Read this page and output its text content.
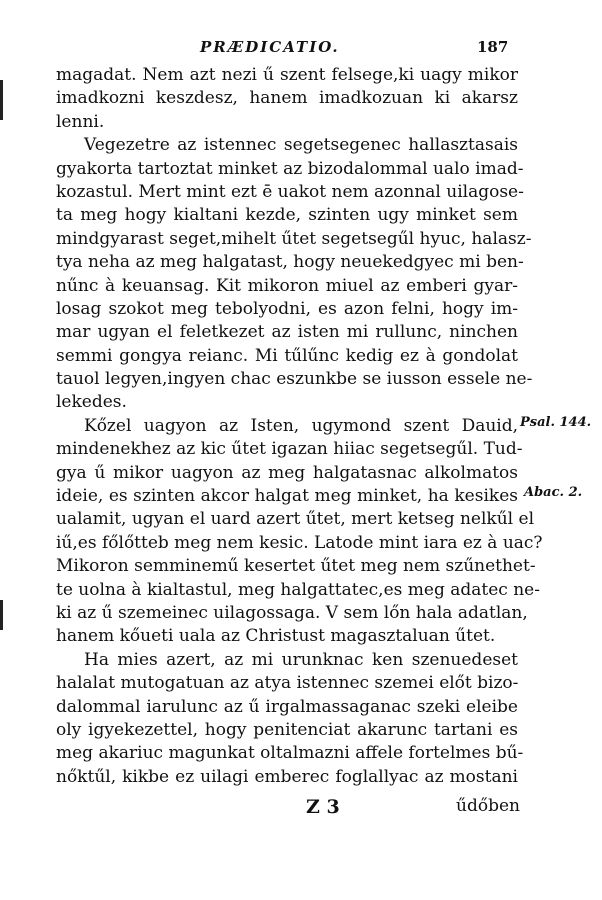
PRÆDICATIO.	187
magadat. Nem azt nezi ű szent felsege,ki uagy mikor
imadkozni keszdesz, hanem imadkozuan ki akarsz
lenni.
Vegezetre az istennec segetsegenec hallasztasais
gyakorta tartoztat minket az bizodalommal ualo imad-
kozastul. Mert mint ezt ē uakot nem azonnal uilagose-
ta meg hogy kialtani kezde, szinten ugy minket sem
mindgyarast seget,mihelt űtet segetsegűl hyuc, halasz-
tya neha az meg halgatast, hogy neuekedgyec mi ben-
nűnc à keuansag. Kit mikoron miuel az emberi gyar-
losag szokot meg tebolyodni, es azon felni, hogy im-
mar ugyan el feletkezet az isten mi rullunc, ninchen
semmi gongya reianc. Mi tűlűnc kedig ez à gondolat
tauol legyen,ingyen chac eszunkbe se iusson essele ne-
lekedes.
Kőzel uagyon az Isten, ugymond szent Dauid,
mindenekhez az kic űtet igazan hiiac segetsegűl. Tud-
gya ű mikor uagyon az meg halgatasnac alkolmatos
ideie, es szinten akcor halgat meg minket, ha kesikes
ualamit, ugyan el uard azert űtet, mert ketseg nelkűl el
iű,es főlőtteb meg nem kesic. Latode mint iara ez à uac?
Mikoron semminemű kesertet űtet meg nem szűnethet-
te uolna à kialtastul, meg halgattatec,es meg adatec ne-
ki az ű szemeinec uilagossaga. V sem lőn hala adatlan,
hanem kőueti uala az Christust magasztaluan űtet.
Ha mies azert, az mi urunknac ken szenuedeset
halalat mutogatuan az atya istennec szemei előt bizo-
dalommal iarulunc az ű irgalmassaganac szeki eleibe
oly igyekezettel, hogy penitenciat akarunc tartani es
meg akariuc magunkat oltalmazni affele fortelmes bű-
nőktűl, kikbe ez uilagi emberec foglallyac az mostani
Psal. 144.
Abac. 2.
Z 3	űdőben
